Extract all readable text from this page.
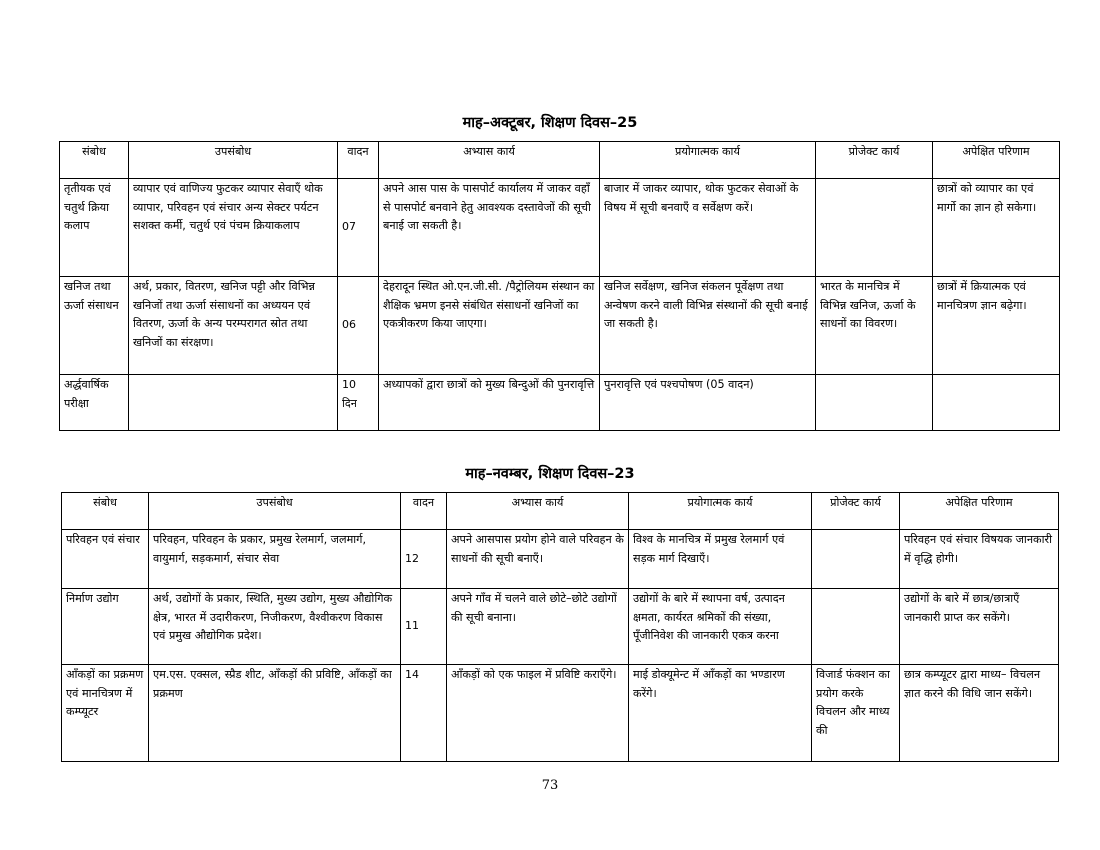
माह–अक्टूबर, शिक्षण दिवस–25
संबोध	उपसंबोध	वादन	अभ्यास कार्य	प्रयोगात्मक कार्य	प्रोजेक्ट कार्य	अपेक्षित परिणाम
तृतीयक एवं चतुर्थ क्रिया कलाप	व्यापार एवं वाणिज्य फुटकर व्यापार सेवाएँ थोक व्यापार, परिवहन एवं संचार अन्य सेक्टर पर्यटन सशक्त कर्मी, चतुर्थ एवं पंचम क्रियाकलाप	07	अपने आस पास के पासपोर्ट कार्यालय में जाकर वहाँ से पासपोर्ट बनवाने हेतु आवश्यक दस्तावेजों की सूची बनाई जा सकती है।	बाजार में जाकर व्यापार, थोक फुटकर सेवाओं के विषय में सूची बनवाएँ व सर्वेक्षण करें।		छात्रों को व्यापार का एवं मार्गो का ज्ञान हो सकेगा।
खनिज तथा ऊर्जा संसाधन	अर्थ, प्रकार, वितरण, खनिज पट्टी और विभिन्न खनिजों तथा ऊर्जा संसाधनों का अध्ययन एवं वितरण, ऊर्जा के अन्य परम्परागत स्रोत तथा खनिजों का संरक्षण।	06	देहरादून स्थित ओ.एन.जी.सी. /पैट्रोलियम संस्थान का शैक्षिक भ्रमण इनसे संबंधित संसाधनों खनिजों का एकत्रीकरण किया जाएगा।	खनिज सर्वेक्षण, खनिज संकलन पूर्वेक्षण तथा अन्वेषण करने वाली विभिन्न संस्थानों की सूची बनाई जा सकती है।	भारत के मानचित्र में विभिन्न खनिज, ऊर्जा के साधनों का विवरण।	छात्रों में क्रियात्मक एवं मानचित्रण ज्ञान बढ़ेगा।
अर्द्धवार्षिक परीक्षा		10 दिन	अध्यापकों द्वारा छात्रों को मुख्य बिन्दुओं की पुनरावृत्ति	पुनरावृत्ति एवं पश्चपोषण (05 वादन)		
माह–नवम्बर, शिक्षण दिवस–23
संबोध	उपसंबोध	वादन	अभ्यास कार्य	प्रयोगात्मक कार्य	प्रोजेक्ट कार्य	अपेक्षित परिणाम
परिवहन एवं संचार	परिवहन, परिवहन के प्रकार, प्रमुख रेलमार्ग, जलमार्ग, वायुमार्ग, सड़कमार्ग, संचार सेवा	12	अपने आसपास प्रयोग होने वाले परिवहन के साधनों की सूची बनाएँ।	विश्व के मानचित्र में प्रमुख रेलमार्ग एवं सड़क मार्ग दिखाएँ।		परिवहन एवं संचार विषयक जानकारी में वृद्धि होगी।
निर्माण उद्योग	अर्थ, उद्योगों के प्रकार, स्थिति, मुख्य उद्योग, मुख्य औद्योगिक क्षेत्र, भारत में उदारीकरण, निजीकरण, वैश्वीकरण विकास एवं प्रमुख औद्योगिक प्रदेश।	11	अपने गाँव में चलने वाले छोटे–छोटे उद्योगों की सूची बनाना।	उद्योगों के बारे में स्थापना वर्ष, उत्पादन क्षमता, कार्यरत श्रमिकों की संख्या, पूँजीनिवेश की जानकारी एकत्र करना		उद्योगों के बारे में छात्र/छात्राएँ जानकारी प्राप्त कर सकेंगे।
आँकड़ों का प्रक्रमण एवं मानचित्रण में कम्प्यूटर	एम.एस. एक्सल, स्प्रैड शीट, आँकड़ों की प्रविष्टि, आँकड़ों का प्रक्रमण	14	आँकड़ों को एक फाइल में प्रविष्टि कराएँगे।	माई डोक्यूमेन्ट में आँकड़ों का भण्डारण करेंगे।	विजार्ड फंक्शन का प्रयोग करके विचलन और माध्य की	छात्र कम्प्यूटर द्वारा माध्य– विचलन ज्ञात करने की विधि जान सकेंगे।
73
